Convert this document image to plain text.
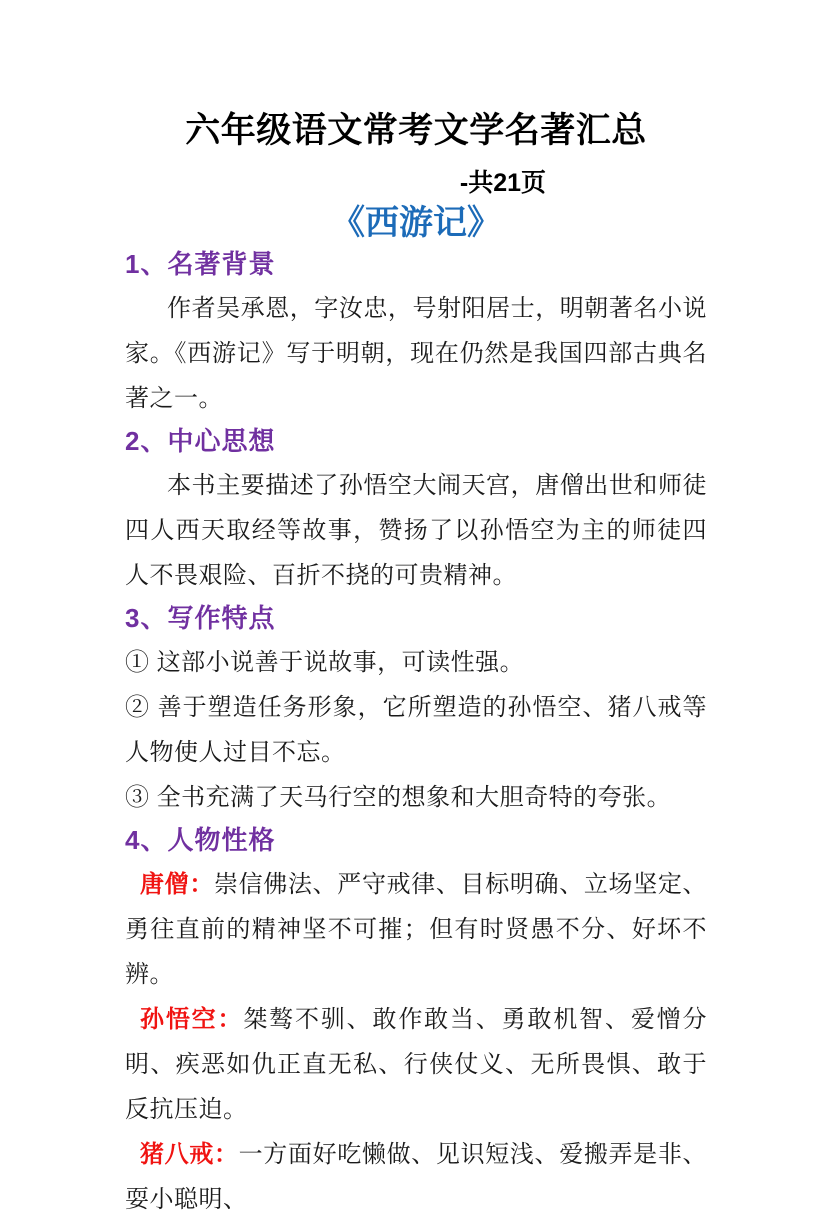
六年级语文常考文学名著汇总
-共21页
《西游记》
1、名著背景

作者吴承恩，字汝忠，号射阳居士，明朝著名小说家。《西游记》写于明朝，现在仍然是我国四部古典名著之一。

2、中心思想

本书主要描述了孙悟空大闹天宫，唐僧出世和师徒四人西天取经等故事，赞扬了以孙悟空为主的师徒四人不畏艰险、百折不挠的可贵精神。

3、写作特点

① 这部小说善于说故事，可读性强。

② 善于塑造任务形象，它所塑造的孙悟空、猪八戒等人物使人过目不忘。

③ 全书充满了天马行空的想象和大胆奇特的夸张。

4、人物性格

唐僧：崇信佛法、严守戒律、目标明确、立场坚定、勇往直前的精神坚不可摧；但有时贤愚不分、好坏不辨。

孙悟空：桀骜不驯、敢作敢当、勇敢机智、爱憎分明、疾恶如仇正直无私、行侠仗义、无所畏惧、敢于反抗压迫。

猪八戒：一方面好吃懒做、见识短浅、爱搬弄是非、耍小聪明、
